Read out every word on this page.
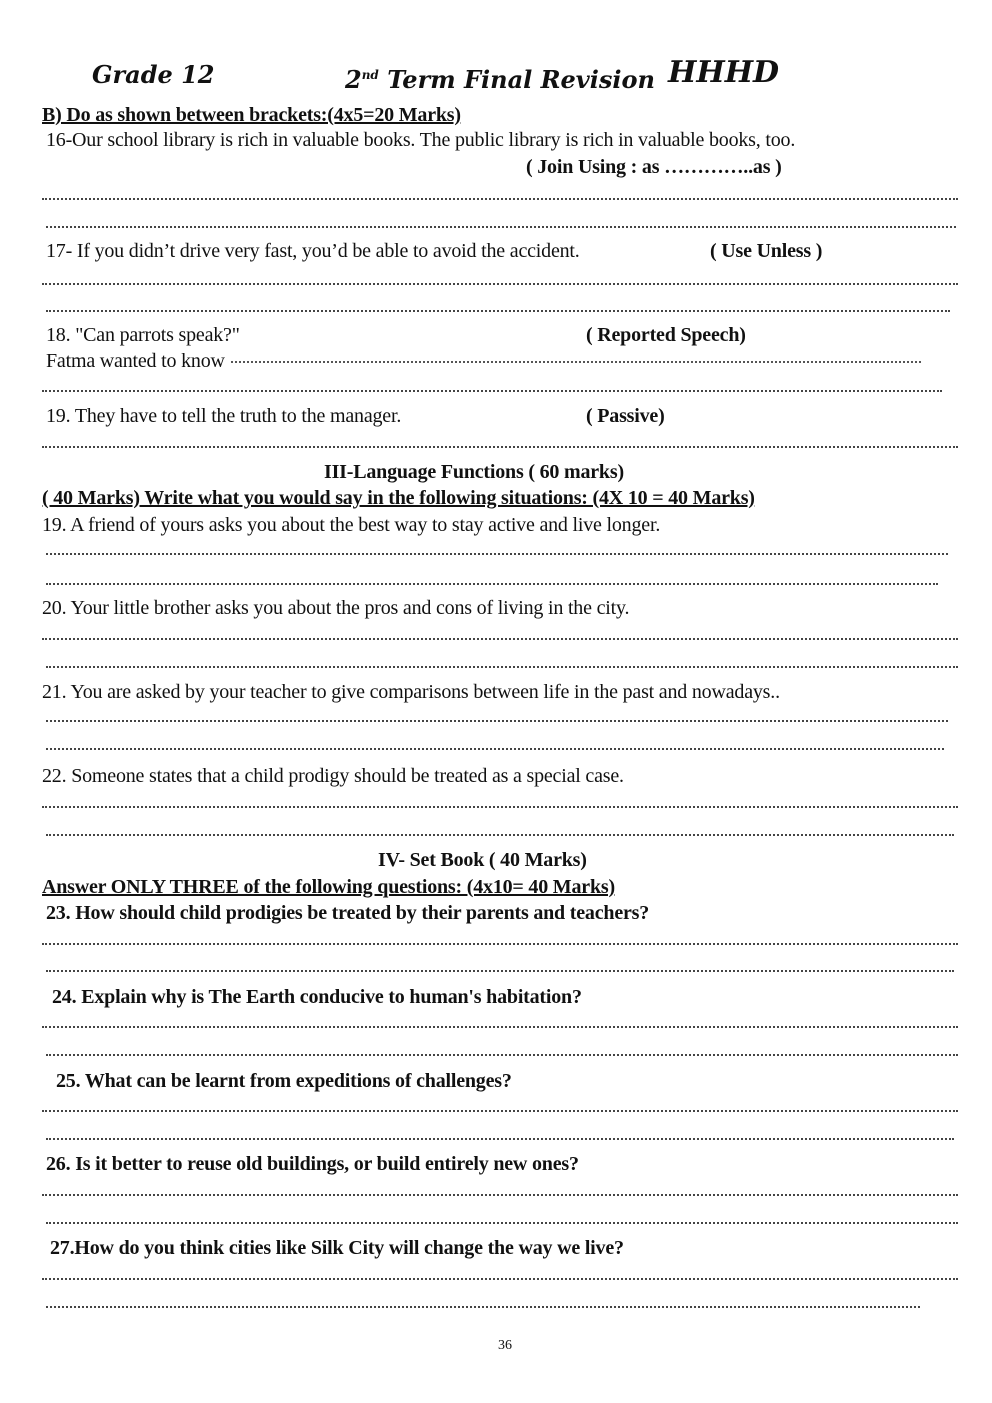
Grade 12	2nd Term Final Revision HHHD
B) Do as shown between brackets:(4x5=20 Marks)
16-Our school library is rich in valuable books. The public library is rich in valuable books, too.
( Join Using : as …………..as )
17- If you didn’t drive very fast, you’d be able to avoid the accident.	( Use Unless )
18. "Can parrots speak?"	( Reported Speech)
Fatma wanted to know
19. They have to tell the truth to the manager.	( Passive)
III-Language Functions ( 60 marks)
( 40 Marks) Write what you would say in the following situations: (4X 10 = 40 Marks)
19. A friend of yours asks you about the best way to stay active and live longer.
20. Your little brother asks you about the pros and cons of living in the city.
21. You are asked by your teacher to give comparisons between life in the past and nowadays..
22. Someone states that a child prodigy should be treated as a special case.
IV- Set Book ( 40 Marks)
Answer ONLY THREE of the following questions: (4x10= 40 Marks)
23. How should child prodigies be treated by their parents and teachers?
24. Explain why is The Earth conducive to human's habitation?
25. What can be learnt from expeditions of challenges?
26. Is it better to reuse old buildings, or build entirely new ones?
27.How do you think cities like Silk City will change the way we live?
36
